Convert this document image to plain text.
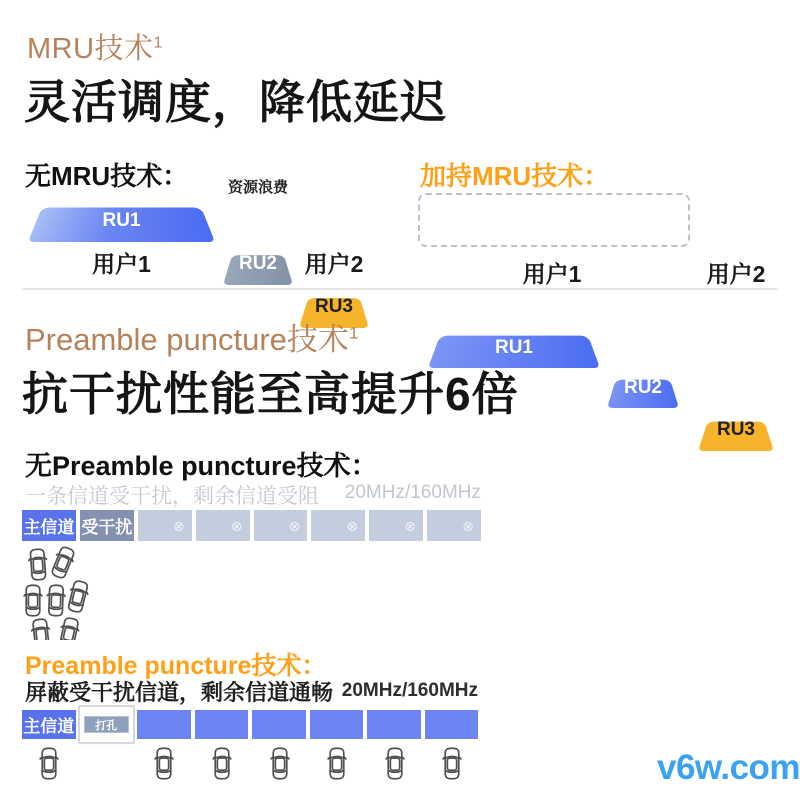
MRU技术$^1$
灵活调度，降低延迟
无MRU技术：	资源浪费
RU1
RU2
RU3
用户1	用户2
加持MRU技术：
RU1
RU2
RU3
用户1	用户2
Preamble puncture技术$^1$
抗干扰性能至高提升6倍
无Preamble puncture技术：
一条信道受干扰，剩余信道受阻	20MHz/160MHz
主信道 受干扰	⊗	⊗	⊗	⊗	⊗	⊗
Preamble puncture技术：
屏蔽受干扰信道，剩余信道通畅 20MHz/160MHz
主信道	打孔
v6w.com
